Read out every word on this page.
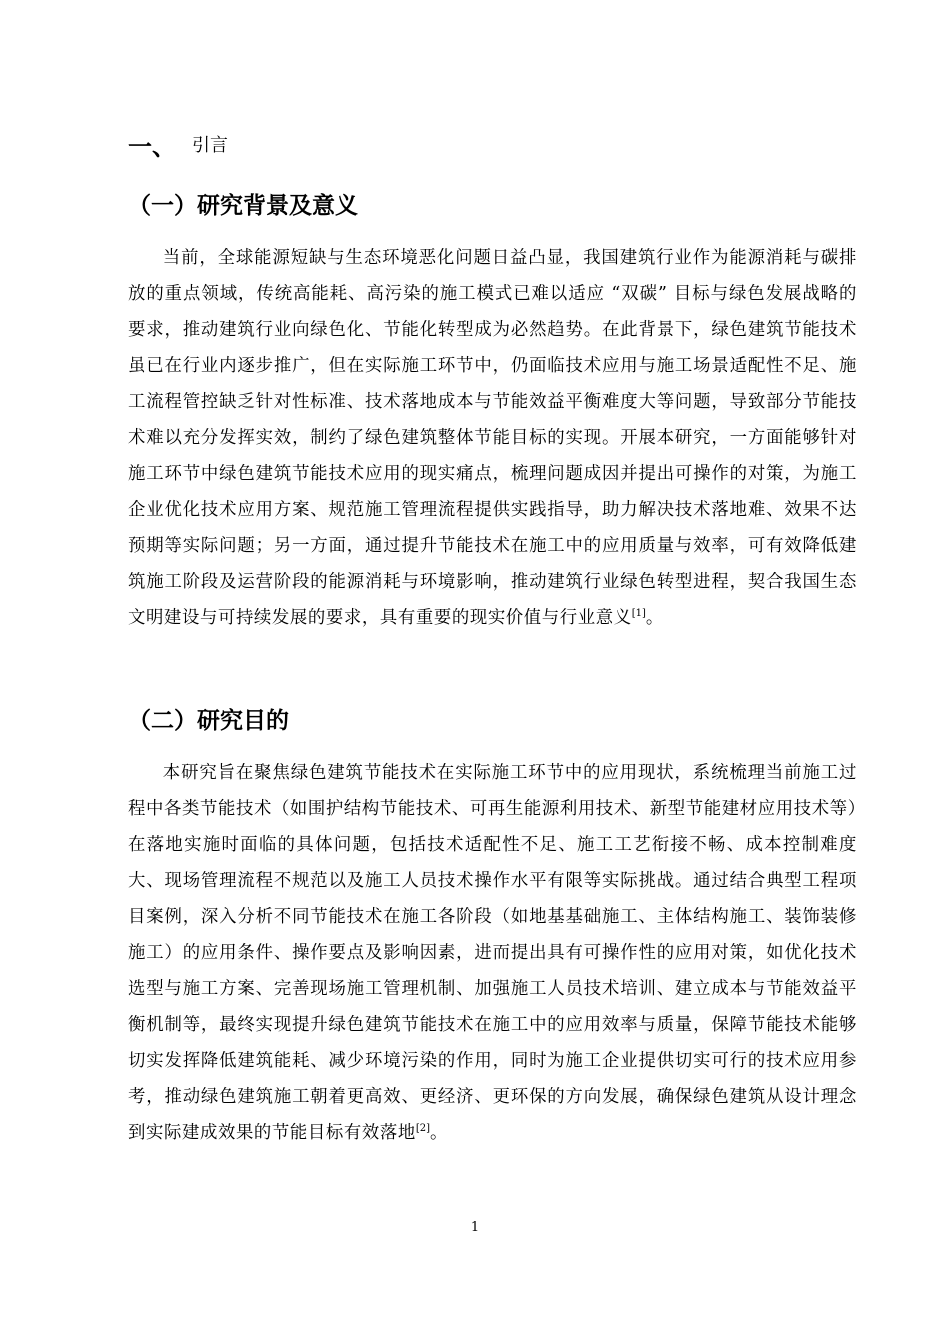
一、 引言
（一）研究背景及意义

当前，全球能源短缺与生态环境恶化问题日益凸显，我国建筑行业作为能源消耗与碳排放的重点领域，传统高能耗、高污染的施工模式已难以适应 “双碳” 目标与绿色发展战略的要求，推动建筑行业向绿色化、节能化转型成为必然趋势。在此背景下，绿色建筑节能技术虽已在行业内逐步推广，但在实际施工环节中，仍面临技术应用与施工场景适配性不足、施工流程管控缺乏针对性标准、技术落地成本与节能效益平衡难度大等问题，导致部分节能技术难以充分发挥实效，制约了绿色建筑整体节能目标的实现。开展本研究，一方面能够针对施工环节中绿色建筑节能技术应用的现实痛点，梳理问题成因并提出可操作的对策，为施工企业优化技术应用方案、规范施工管理流程提供实践指导，助力解决技术落地难、效果不达预期等实际问题；另一方面，通过提升节能技术在施工中的应用质量与效率，可有效降低建筑施工阶段及运营阶段的能源消耗与环境影响，推动建筑行业绿色转型进程，契合我国生态文明建设与可持续发展的要求，具有重要的现实价值与行业意义[1]。

（二）研究目的

本研究旨在聚焦绿色建筑节能技术在实际施工环节中的应用现状，系统梳理当前施工过程中各类节能技术（如围护结构节能技术、可再生能源利用技术、新型节能建材应用技术等）在落地实施时面临的具体问题，包括技术适配性不足、施工工艺衔接不畅、成本控制难度大、现场管理流程不规范以及施工人员技术操作水平有限等实际挑战。通过结合典型工程项目案例，深入分析不同节能技术在施工各阶段（如地基基础施工、主体结构施工、装饰装修施工）的应用条件、操作要点及影响因素，进而提出具有可操作性的应用对策，如优化技术选型与施工方案、完善现场施工管理机制、加强施工人员技术培训、建立成本与节能效益平衡机制等，最终实现提升绿色建筑节能技术在施工中的应用效率与质量，保障节能技术能够切实发挥降低建筑能耗、减少环境污染的作用，同时为施工企业提供切实可行的技术应用参考，推动绿色建筑施工朝着更高效、更经济、更环保的方向发展，确保绿色建筑从设计理念到实际建成效果的节能目标有效落地[2]。

1
